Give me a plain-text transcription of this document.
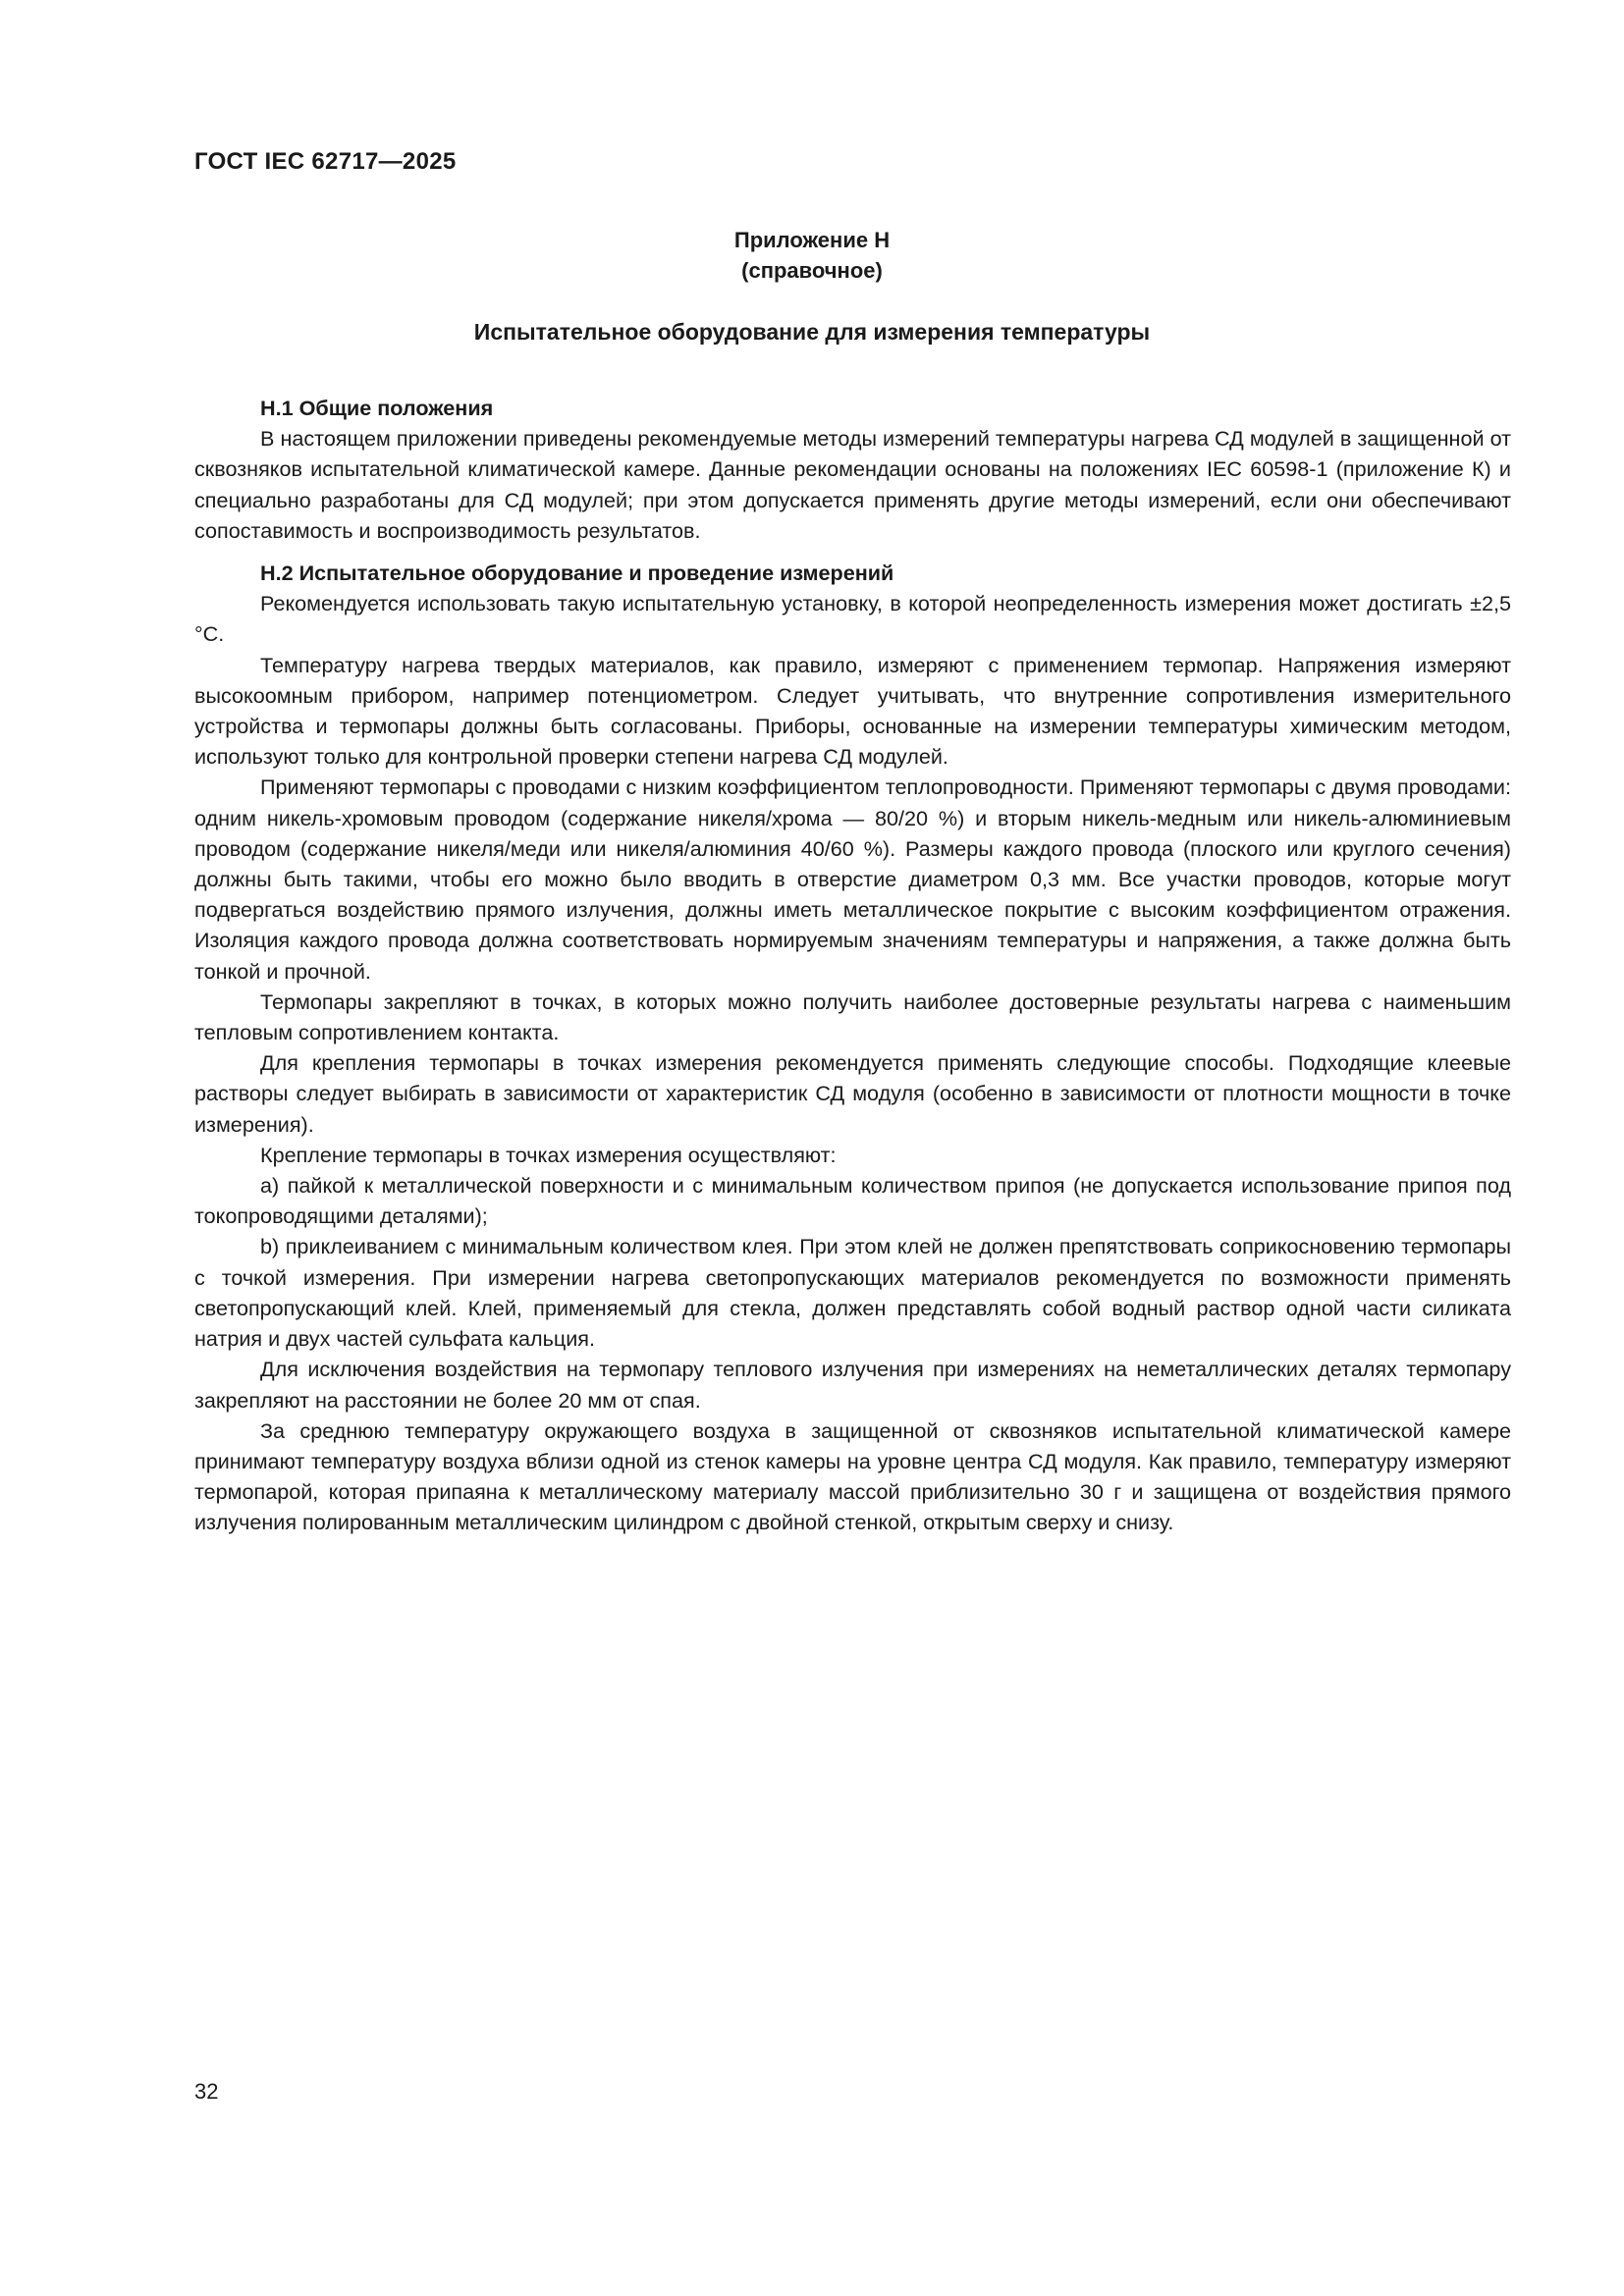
ГОСТ IEC 62717—2025

Приложение Н

(справочное)

Испытательное оборудование для измерения температуры
Н.1 Общие положения

В настоящем приложении приведены рекомендуемые методы измерений температуры нагрева СД модулей в защищенной от сквозняков испытательной климатической камере. Данные рекомендации основаны на положениях IEC 60598-1 (приложение К) и специально разработаны для СД модулей; при этом допускается применять другие методы измерений, если они обеспечивают сопоставимость и воспроизводимость результатов.

Н.2 Испытательное оборудование и проведение измерений

Рекомендуется использовать такую испытательную установку, в которой неопределенность измерения может достигать ±2,5 °C.

Температуру нагрева твердых материалов, как правило, измеряют с применением термопар. Напряжения измеряют высокоомным прибором, например потенциометром. Следует учитывать, что внутренние сопротивления измерительного устройства и термопары должны быть согласованы. Приборы, основанные на измерении температуры химическим методом, используют только для контрольной проверки степени нагрева СД модулей.

Применяют термопары с проводами с низким коэффициентом теплопроводности. Применяют термопары с двумя проводами: одним никель-хромовым проводом (содержание никеля/хрома — 80/20 %) и вторым никель-медным или никель-алюминиевым проводом (содержание никеля/меди или никеля/алюминия 40/60 %). Размеры каждого провода (плоского или круглого сечения) должны быть такими, чтобы его можно было вводить в отверстие диаметром 0,3 мм. Все участки проводов, которые могут подвергаться воздействию прямого излучения, должны иметь металлическое покрытие с высоким коэффициентом отражения. Изоляция каждого провода должна соответствовать нормируемым значениям температуры и напряжения, а также должна быть тонкой и прочной.

Термопары закрепляют в точках, в которых можно получить наиболее достоверные результаты нагрева с наименьшим тепловым сопротивлением контакта.

Для крепления термопары в точках измерения рекомендуется применять следующие способы. Подходящие клеевые растворы следует выбирать в зависимости от характеристик СД модуля (особенно в зависимости от плотности мощности в точке измерения).

Крепление термопары в точках измерения осуществляют:

a) пайкой к металлической поверхности и с минимальным количеством припоя (не допускается использование припоя под токопроводящими деталями);

b) приклеиванием с минимальным количеством клея. При этом клей не должен препятствовать соприкосновению термопары с точкой измерения. При измерении нагрева светопропускающих материалов рекомендуется по возможности применять светопропускающий клей. Клей, применяемый для стекла, должен представлять собой водный раствор одной части силиката натрия и двух частей сульфата кальция.

Для исключения воздействия на термопару теплового излучения при измерениях на неметаллических деталях термопару закрепляют на расстоянии не более 20 мм от спая.

За среднюю температуру окружающего воздуха в защищенной от сквозняков испытательной климатической камере принимают температуру воздуха вблизи одной из стенок камеры на уровне центра СД модуля. Как правило, температуру измеряют термопарой, которая припаяна к металлическому материалу массой приблизительно 30 г и защищена от воздействия прямого излучения полированным металлическим цилиндром с двойной стенкой, открытым сверху и снизу.

32
